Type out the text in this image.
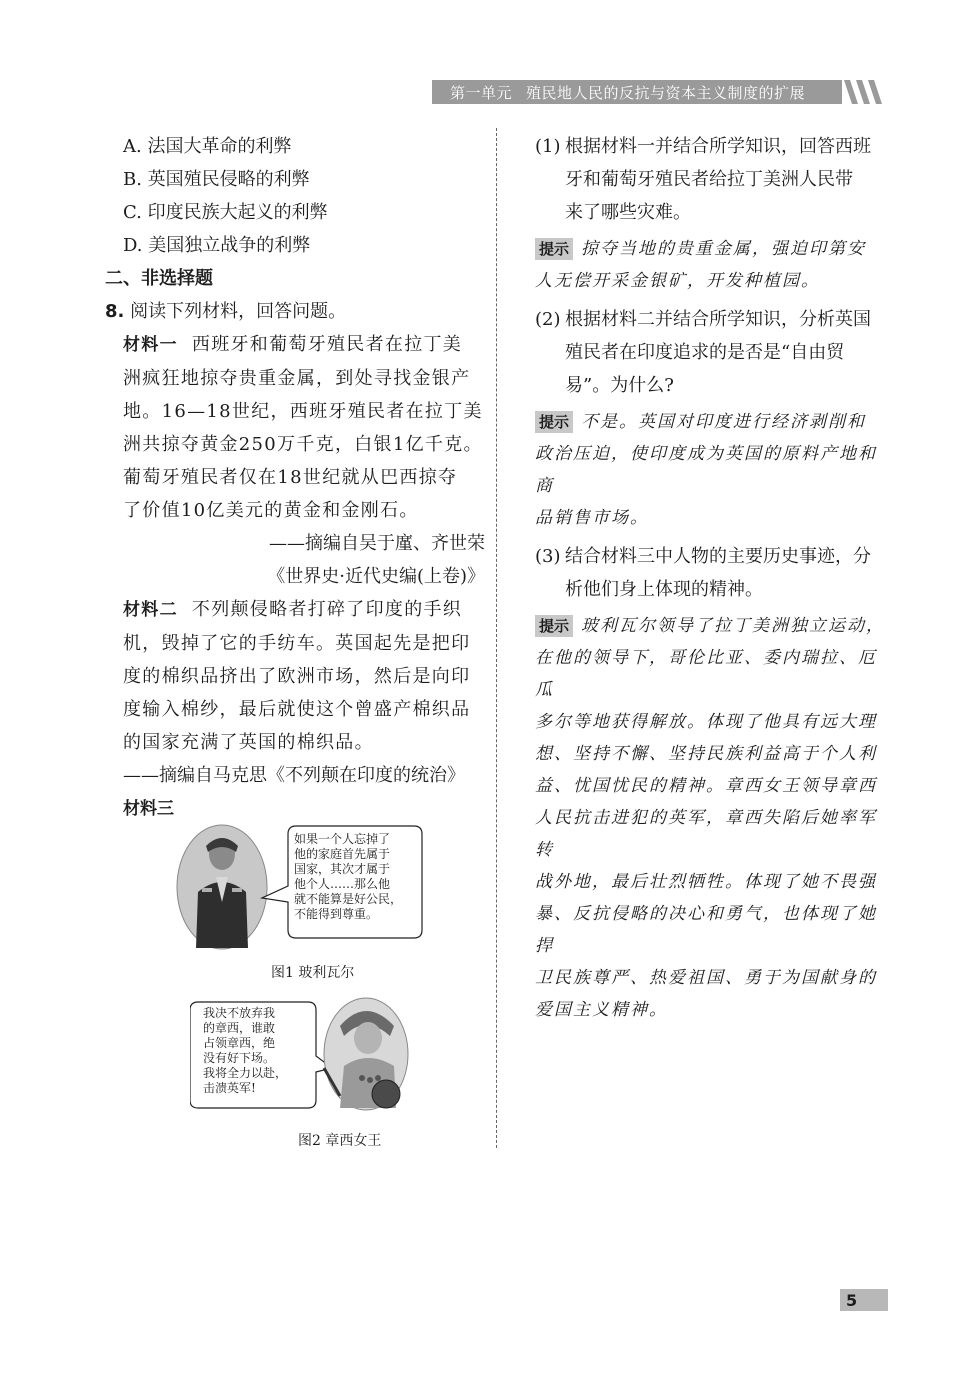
第一单元 殖民地人民的反抗与资本主义制度的扩展

A. 法国大革命的利弊

B. 英国殖民侵略的利弊

C. 印度民族大起义的利弊

D. 美国独立战争的利弊

二、非选择题

8. 阅读下列材料，回答问题。

材料一 西班牙和葡萄牙殖民者在拉丁美

洲疯狂地掠夺贵重金属，到处寻找金银产

地。16—18世纪，西班牙殖民者在拉丁美

洲共掠夺黄金250万千克，白银1亿千克。

葡萄牙殖民者仅在18世纪就从巴西掠夺

了价值10亿美元的黄金和金刚石。

——摘编自吴于廑、齐世荣

《世界史·近代史编(上卷)》

材料二 不列颠侵略者打碎了印度的手织

机，毁掉了它的手纺车。英国起先是把印

度的棉织品挤出了欧洲市场，然后是向印

度输入棉纱，最后就使这个曾盛产棉织品

的国家充满了英国的棉织品。

——摘编自马克思《不列颠在印度的统治》

材料三

如果一个人忘掉了
他的家庭首先属于
国家，其次才属于
他个人……那么他
就不能算是好公民，
不能得到尊重。
图1 玻利瓦尔
我决不放弃我
的章西，谁敢
占领章西，绝
没有好下场。
我将全力以赴，
击溃英军!
图2 章西女王

(1) 根据材料一并结合所学知识，回答西班

牙和葡萄牙殖民者给拉丁美洲人民带

来了哪些灾难。

提示 掠夺当地的贵重金属，强迫印第安
人无偿开采金银矿，开发种植园。

(2) 根据材料二并结合所学知识，分析英国

殖民者在印度追求的是否是“自由贸

易”。为什么?

提示 不是。英国对印度进行经济剥削和
政治压迫，使印度成为英国的原料产地和商
品销售市场。

(3) 结合材料三中人物的主要历史事迹，分

析他们身上体现的精神。

提示 玻利瓦尔领导了拉丁美洲独立运动，
在他的领导下，哥伦比亚、委内瑞拉、厄瓜
多尔等地获得解放。体现了他具有远大理
想、坚持不懈、坚持民族利益高于个人利
益、忧国忧民的精神。章西女王领导章西
人民抗击进犯的英军，章西失陷后她率军转
战外地，最后壮烈牺牲。体现了她不畏强
暴、反抗侵略的决心和勇气，也体现了她捍
卫民族尊严、热爱祖国、勇于为国献身的
爱国主义精神。
5
